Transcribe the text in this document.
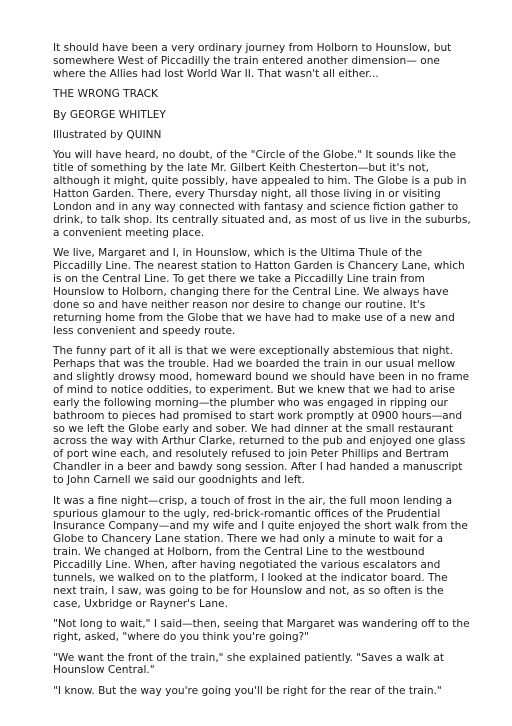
It should have been a very ordinary journey from Holborn to Hounslow, but somewhere West of Piccadilly the train entered another dimension— one where the Allies had lost World War II. That wasn't all either...

THE WRONG TRACK

By GEORGE WHITLEY

Illustrated by QUINN

You will have heard, no doubt, of the "Circle of the Globe." It sounds like the title of something by the late Mr. Gilbert Keith Chesterton—but it's not, although it might, quite possibly, have appealed to him. The Globe is a pub in Hatton Garden. There, every Thursday night, all those living in or visiting London and in any way connected with fantasy and science fiction gather to drink, to talk shop. Its centrally situated and, as most of us live in the suburbs, a convenient meeting place.

We live, Margaret and I, in Hounslow, which is the Ultima Thule of the Piccadilly Line. The nearest station to Hatton Garden is Chancery Lane, which is on the Central Line. To get there we take a Piccadilly Line train from Hounslow to Holborn, changing there for the Central Line. We always have done so and have neither reason nor desire to change our routine. It's returning home from the Globe that we have had to make use of a new and less convenient and speedy route.

The funny part of it all is that we were exceptionally abstemious that night. Perhaps that was the trouble. Had we boarded the train in our usual mellow and slightly drowsy mood, homeward bound we should have been in no frame of mind to notice oddities, to experiment. But we knew that we had to arise early the following morning—the plumber who was engaged in ripping our bathroom to pieces had promised to start work promptly at 0900 hours—and so we left the Globe early and sober. We had dinner at the small restaurant across the way with Arthur Clarke, returned to the pub and enjoyed one glass of port wine each, and resolutely refused to join Peter Phillips and Bertram Chandler in a beer and bawdy song session. After I had handed a manuscript to John Carnell we said our goodnights and left.

It was a fine night—crisp, a touch of frost in the air, the full moon lending a spurious glamour to the ugly, red-brick-romantic offices of the Prudential Insurance Company—and my wife and I quite enjoyed the short walk from the Globe to Chancery Lane station. There we had only a minute to wait for a train. We changed at Holborn, from the Central Line to the westbound Piccadilly Line. When, after having negotiated the various escalators and tunnels, we walked on to the platform, I looked at the indicator board. The next train, I saw, was going to be for Hounslow and not, as so often is the case, Uxbridge or Rayner's Lane.

"Not long to wait," I said—then, seeing that Margaret was wandering off to the right, asked, "where do you think you're going?"

"We want the front of the train," she explained patiently. "Saves a walk at Hounslow Central."

"I know. But the way you're going you'll be right for the rear of the train."
